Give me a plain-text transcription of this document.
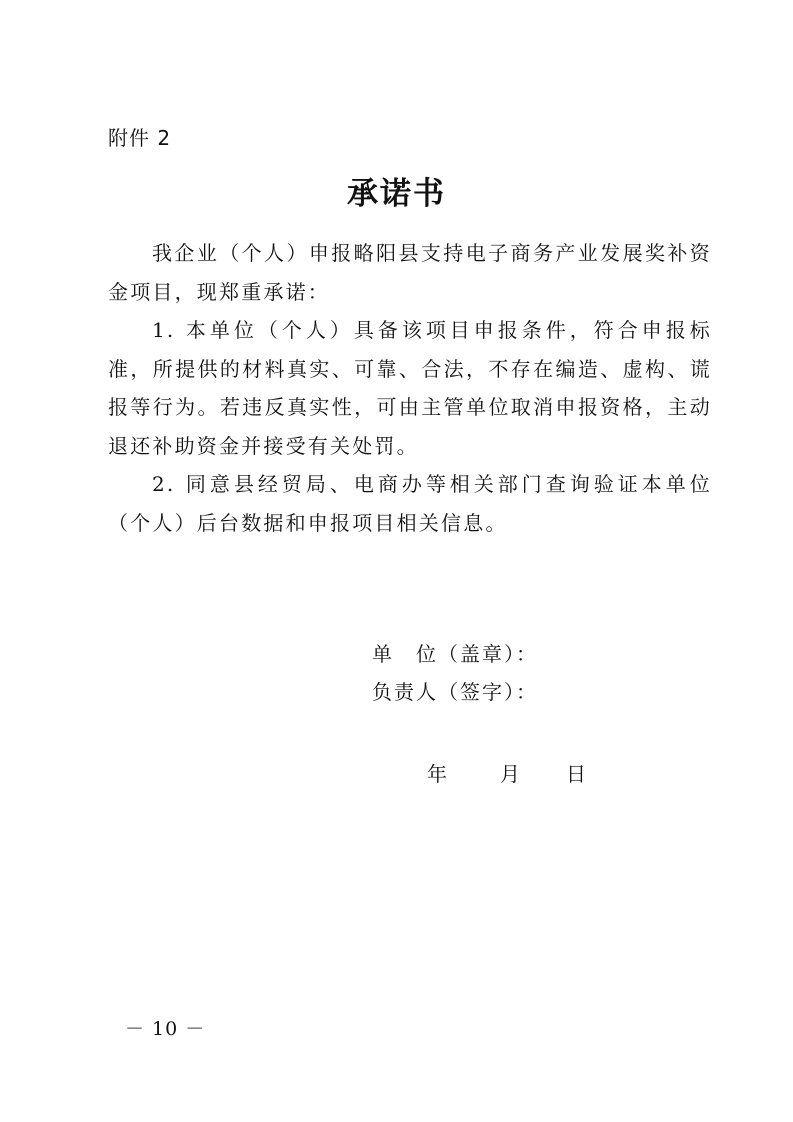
附件 2
承诺书

我企业（个人）申报略阳县支持电子商务产业发展奖补资金项目，现郑重承诺：

1. 本单位（个人）具备该项目申报条件，符合申报标准，所提供的材料真实、可靠、合法，不存在编造、虚构、谎报等行为。若违反真实性，可由主管单位取消申报资格，主动退还补助资金并接受有关处罚。

2. 同意县经贸局、电商办等相关部门查询验证本单位（个人）后台数据和申报项目相关信息。

单　位（盖章）：
负责人（签字）：
年	月 日
－ 10 －
